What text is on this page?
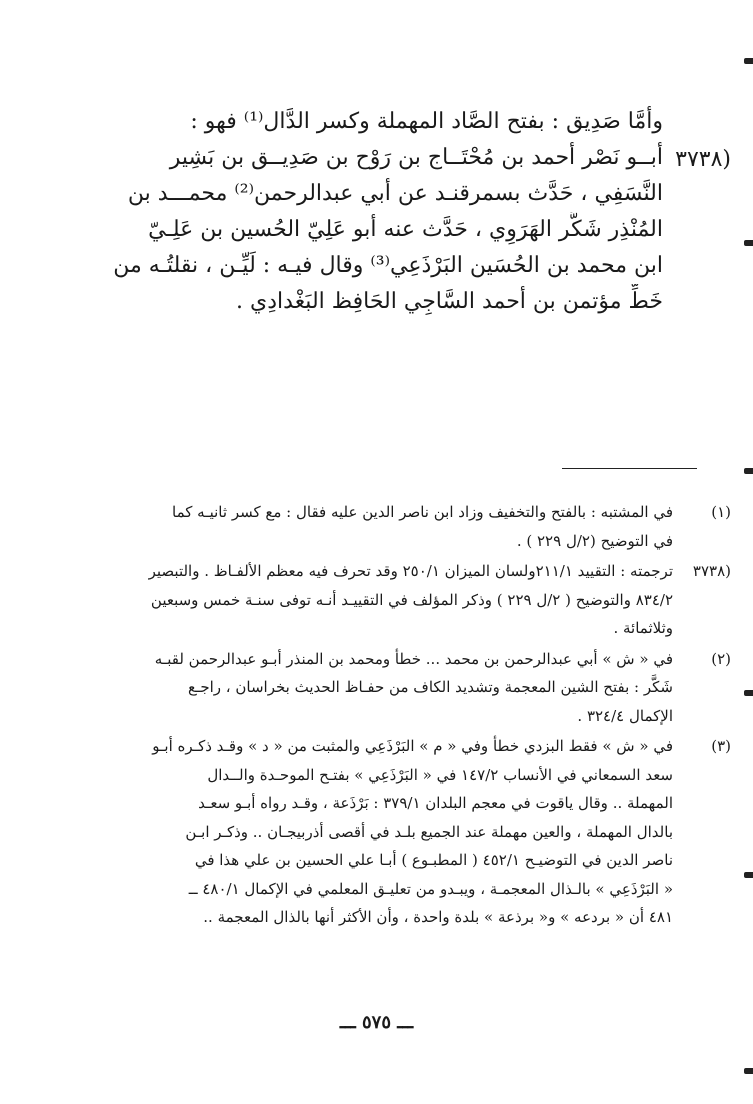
وأمَّا صَدِيق : بفتح الصَّاد المهملة وكسر الدَّال⁽¹⁾ فهو :
(٣٧٣٨
أبــو نَصْر أحمد بن مُحْتَــاج بن رَوْح بن صَدِيــق بن بَشِير
النَّسَفِي ، حَدَّث بسمرقنـد عن أبي عبدالرحمن⁽²⁾ محمـــد بن
المُنْذِر شَكَّر الهَرَوِي ، حَدَّث عنه أبو عَلِيّ الحُسين بن عَلِـيّ
ابن محمد بن الحُسَين البَرْذَعِي⁽³⁾ وقال فيـه : لَيِّـن ، نقلتُـه من
خَطِّ مؤتمن بن أحمد السَّاجِي الحَافِظ البَغْدادِي .
(١)
في المشتبه : بالفتح والتخفيف وزاد ابن ناصر الدين عليه فقال : مع كسر ثانيـه كما
في التوضيح (٢/ل ٢٢٩ ) .
(٣٧٣٨
ترجمته : التقييد ٢١١/١ولسان الميزان ٢٥٠/١ وقد تحرف فيه معظم الألفـاظ . والتبصير
٨٣٤/٢ والتوضيح ( ٢/ل ٢٢٩ ) وذكر المؤلف في التقييـد أنـه توفى سنـة خمس وسبعين
وثلاثمائة .
(٢)
في « ش » أبي عبدالرحمن بن محمد ... خطأ ومحمد بن المنذر أبـو عبدالرحمن لقبـه
شَكَّر : بفتح الشين المعجمة وتشديد الكاف من حفـاظ الحديث بخراسان ، راجـع
الإكمال ٣٢٤/٤ .
(٣)
في « ش » فقط البزدي خطأ وفي « م » البَرْذَعِي والمثبت من « د » وقـد ذكـره أبـو
سعد السمعاني في الأنساب ١٤٧/٢ في « البَرْذَعِي » بفتـح الموحـدة والــدال
المهملة .. وقال ياقوت في معجم البلدان ٣٧٩/١ : بَرْذَعة ، وقـد رواه أبـو سعـد
بالدال المهملة ، والعين مهملة عند الجميع بلـد في أقصى أذربيجـان .. وذكـر ابـن
ناصر الدين في التوضيـح ٤٥٢/١ ( المطبـوع ) أبـا علي الحسين بن علي هذا في
« البَرْذَعِي » بالـذال المعجمـة ، ويبـدو من تعليـق المعلمي في الإكمال ٤٨٠/١ ــ
٤٨١ أن « بردعه » و« برذعة » بلدة واحدة ، وأن الأكثر أنها بالذال المعجمة ..
ـــ ٥٧٥ ـــ
